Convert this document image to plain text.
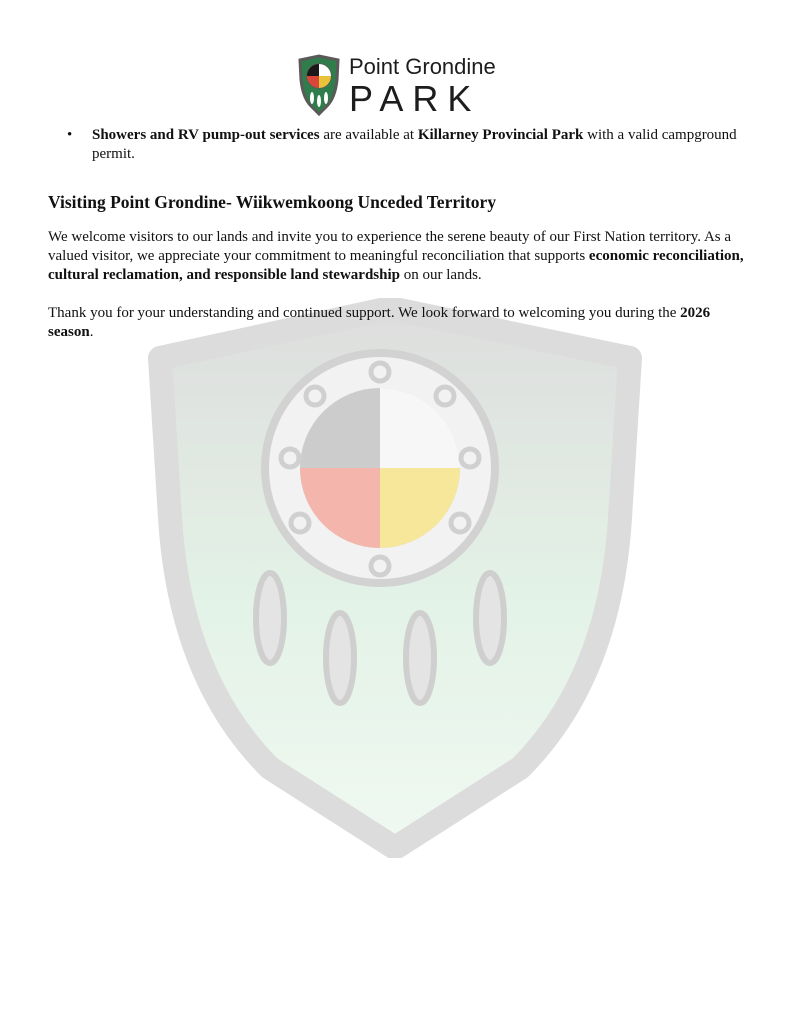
Point Grondine
PARK

• Showers and RV pump-out services are available at Killarney Provincial Park with a valid campground permit.

Visiting Point Grondine- Wiikwemkoong Unceded Territory

We welcome visitors to our lands and invite you to experience the serene beauty of our First Nation territory. As a valued visitor, we appreciate your commitment to meaningful reconciliation that supports economic reconciliation, cultural reclamation, and responsible land stewardship on our lands.

Thank you for your understanding and continued support. We look forward to welcoming you during the 2026 season.
